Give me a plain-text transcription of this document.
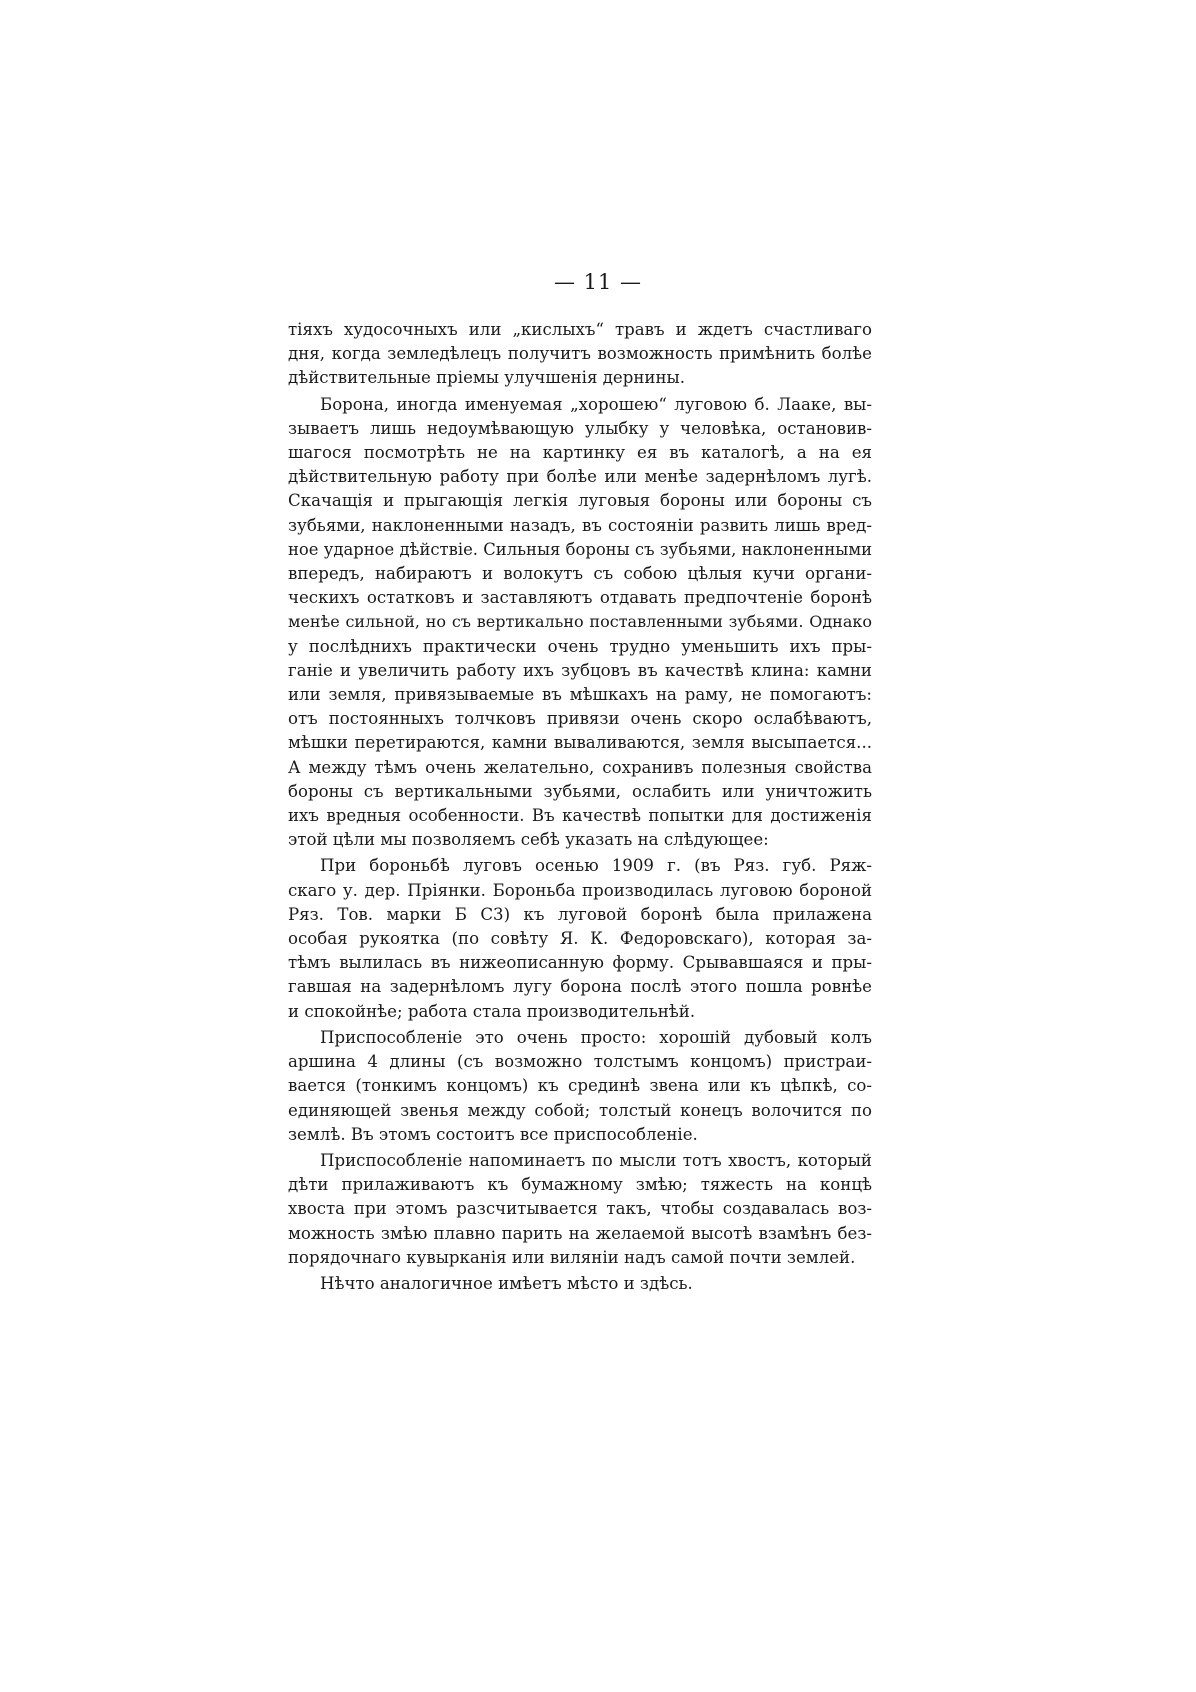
— 11 —
тiяхъ худосочныхъ или „кислыхъ“ травъ и ждетъ счастливаго
дня, когда земледѣлецъ получитъ возможность примѣнить болѣе
дѣйствительные прiемы улучшенiя дернины.
Борона, иногда именуемая „хорошею“ луговою б. Лааке, вы-
зываетъ лишь недоумѣвающую улыбку у человѣка, остановив-
шагося посмотрѣть не на картинку ея въ каталогѣ, а на ея
дѣйствительную работу при болѣе или менѣе задернѣломъ лугѣ.
Скачащiя и прыгающiя легкiя луговыя бороны или бороны съ
зубьями, наклоненными назадъ, въ состоянiи развить лишь вред-
ное ударное дѣйствiе. Сильныя бороны съ зубьями, наклоненными
впередъ, набираютъ и волокутъ съ собою цѣлыя кучи органи-
ческихъ остатковъ и заставляютъ отдавать предпочтенiе боронѣ
менѣе сильной, но съ вертикально поставленными зубьями. Однако
у послѣднихъ практически очень трудно уменьшить ихъ пры-
ганiе и увеличить работу ихъ зубцовъ въ качествѣ клина: камни
или земля, привязываемые въ мѣшкахъ на раму, не помогаютъ:
отъ постоянныхъ толчковъ привязи очень скоро ослабѣваютъ,
мѣшки перетираются, камни вываливаются, земля высыпается...
А между тѣмъ очень желательно, сохранивъ полезныя свойства
бороны съ вертикальными зубьями, ослабить или уничтожить
ихъ вредныя особенности. Въ качествѣ попытки для достиженiя
этой цѣли мы позволяемъ себѣ указать на слѣдующее:
При бороньбѣ луговъ осенью 1909 г. (въ Ряз. губ. Ряж-
скаго у. дер. Прiянки. Бороньба производилась луговою бороной
Ряз. Тов. марки Б С3) къ луговой боронѣ была прилажена
особая рукоятка (по совѣту Я. К. Федоровскаго), которая за-
тѣмъ вылилась въ нижеописанную форму. Срывавшаяся и пры-
гавшая на задернѣломъ лугу борона послѣ этого пошла ровнѣе
и спокойнѣе; работа стала производительнѣй.
Приспособленiе это очень просто: хорошiй дубовый колъ
аршина 4 длины (съ возможно толстымъ концомъ) пристраи-
вается (тонкимъ концомъ) къ срединѣ звена или къ цѣпкѣ, со-
единяющей звенья между собой; толстый конецъ волочится по
землѣ. Въ этомъ состоитъ все приспособленiе.
Приспособленiе напоминаетъ по мысли тотъ хвостъ, который
дѣти прилаживаютъ къ бумажному змѣю; тяжесть на концѣ
хвоста при этомъ разсчитывается такъ, чтобы создавалась воз-
можность змѣю плавно парить на желаемой высотѣ взамѣнъ без-
порядочнаго кувырканiя или виляніи надъ самой почти землей.
Нѣчто аналогичное имѣетъ мѣсто и здѣсь.
